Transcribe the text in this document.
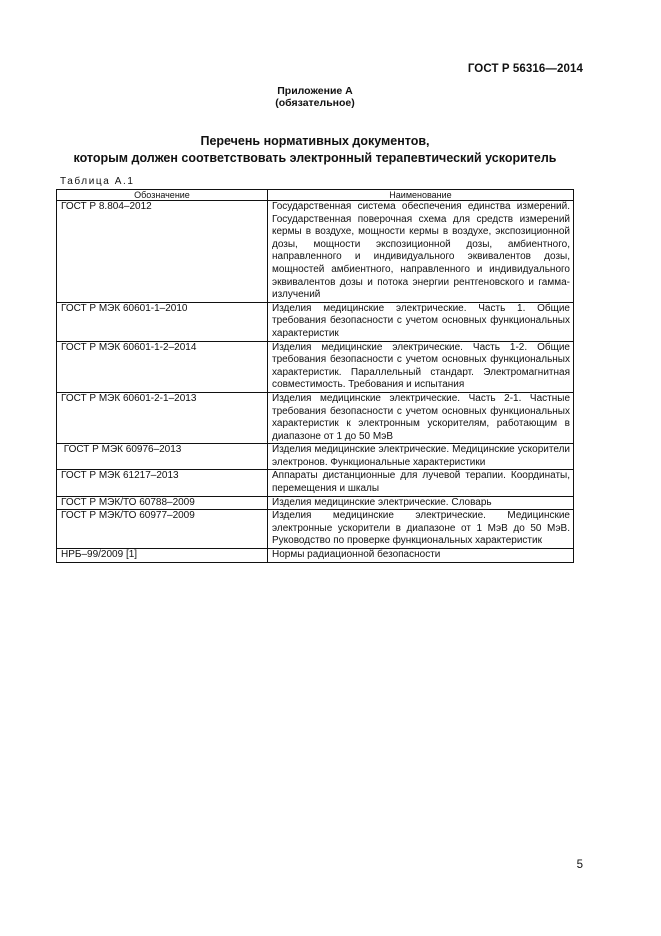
ГОСТ Р 56316—2014
Приложение А
(обязательное)
Перечень нормативных документов,
которым должен соответствовать электронный терапевтический ускоритель
Таблица А.1
Обозначение	Наименование
ГОСТ Р 8.804–2012	Государственная система обеспечения единства измерений. Государственная поверочная схема для средств измерений кермы в воздухе, мощности кермы в воздухе, экспозиционной дозы, мощности экспозиционной дозы, амбиентного, направленного и индивидуального эквивалентов дозы, мощностей амбиентного, направленного и индивидуального эквивалентов дозы и потока энергии рентгеновского и гамма-излучений
ГОСТ Р МЭК 60601-1–2010	Изделия медицинские электрические. Часть 1. Общие требования безопасности с учетом основных функциональных характеристик
ГОСТ Р МЭК 60601-1-2–2014	Изделия медицинские электрические. Часть 1-2. Общие требования безопасности с учетом основных функциональных характеристик. Параллельный стандарт. Электромагнитная совместимость. Требования и испытания
ГОСТ Р МЭК 60601-2-1–2013	Изделия медицинские электрические. Часть 2-1. Частные требования безопасности с учетом основных функциональных характеристик к электронным ускорителям, работающим в диапазоне от 1 до 50 МэВ
ГОСТ Р МЭК 60976–2013	Изделия медицинские электрические. Медицинские ускорители электронов. Функциональные характеристики
ГОСТ Р МЭК 61217–2013	Аппараты дистанционные для лучевой терапии. Координаты, перемещения и шкалы
ГОСТ Р МЭК/ТО 60788–2009	Изделия медицинские электрические. Словарь
ГОСТ Р МЭК/ТО 60977–2009	Изделия медицинские электрические. Медицинские электронные ускорители в диапазоне от 1 МэВ до 50 МэВ. Руководство по проверке функциональных характеристик
НРБ–99/2009 [1]	Нормы радиационной безопасности
5
